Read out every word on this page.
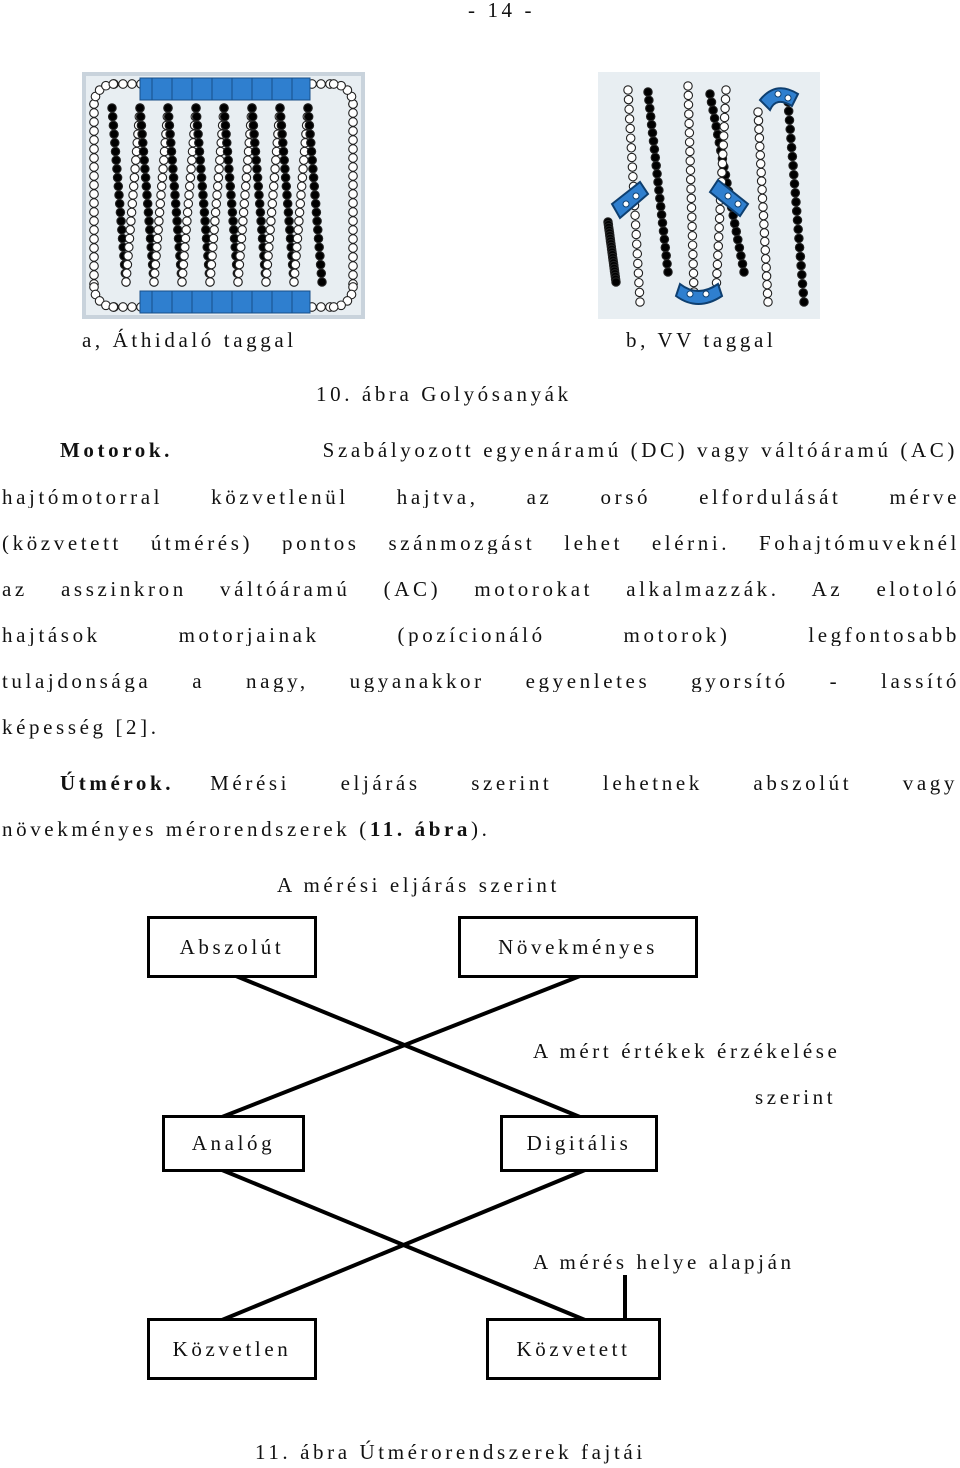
- 14 -
a, Áthidaló taggal	b, VV taggal
10. ábra Golyósanyák
Motorok.	Szabályozott egyenáramú (DC) vagy váltóáramú (AC)
hajtómotorral közvetlenül hajtva, az orsó elfordulását mérve
(közvetett útmérés) pontos szánmozgást lehet elérni. Fohajtómuveknél
az asszinkron váltóáramú (AC) motorokat alkalmazzák. Az elotoló
hajtások motorjainak (pozícionáló motorok) legfontosabb
tulajdonsága a nagy, ugyanakkor egyenletes gyorsító - lassító
képesség [2].
Útmérok. Mérési eljárás szerint lehetnek abszolút vagy
növekményes mérorendszerek (11. ábra).
A mérési eljárás szerint
Abszolút	Növekményes
A mért értékek érzékelése
szerint
Analóg	Digitális
A mérés helye alapján
Közvetlen	Közvetett
11. ábra Útmérorendszerek fajtái
